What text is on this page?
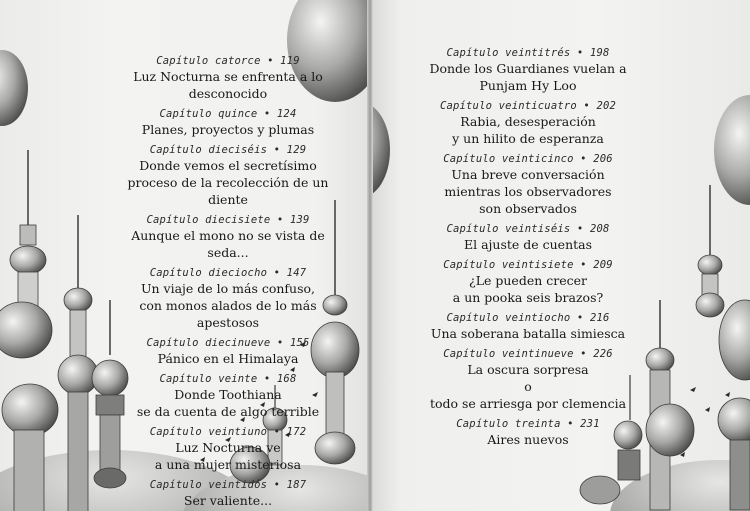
Capítulo catorce • 119
Luz Nocturna se enfrenta a lo desconocido
Capítulo quince • 124
Planes, proyectos y plumas
Capítulo dieciséis • 129
Donde vemos el secretísimo
proceso de la recolección de un diente
Capítulo diecisiete • 139
Aunque el mono no se vista de seda...
Capítulo dieciocho • 147
Un viaje de lo más confuso,
con monos alados de lo más apestosos
Capítulo diecinueve • 155
Pánico en el Himalaya
Capítulo veinte • 168
Donde Toothiana
se da cuenta de algo terrible
Capítulo veintiuno • 172
Luz Nocturna ve
a una mujer misteriosa
Capítulo veintidós • 187
Ser valiente...
Capítulo veintitrés • 198
Donde los Guardianes vuelan a Punjam Hy Loo
Capítulo veinticuatro • 202
Rabia, desesperación
y un hilito de esperanza
Capítulo veinticinco • 206
Una breve conversación
mientras los observadores
son observados
Capítulo veintiséis • 208
El ajuste de cuentas
Capítulo veintisiete • 209
¿Le pueden crecer
a un pooka seis brazos?
Capítulo veintiocho • 216
Una soberana batalla simiesca
Capítulo veintinueve • 226
La oscura sorpresa
o
todo se arriesga por clemencia
Capítulo treinta • 231
Aires nuevos
